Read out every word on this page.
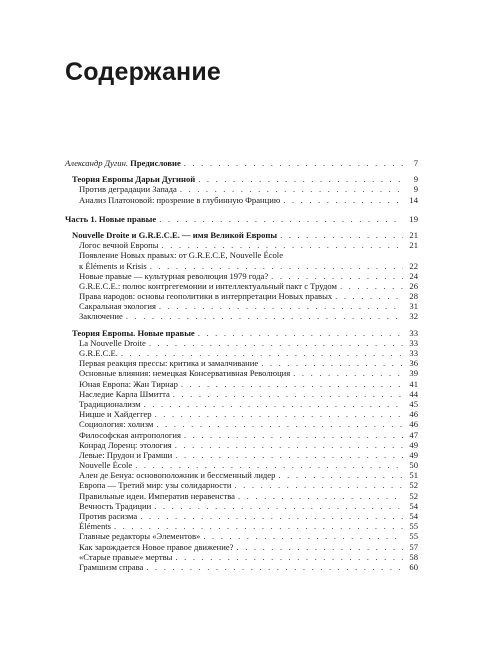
Содержание
Александр Дугин. Предисловие . . .	7
Теория Европы Дарьи Дугиной . . .	9
Против деградации Запада . . .	9
Анализ Платоновой: прозрение в глубинную Францию . . .	14
Часть 1. Новые правые . . .	19
Nouvelle Droite и G.R.E.C.E. — имя Великой Европы . . .	21
Логос вечной Европы . . .	21
Появление Новых правых: от G.R.E.C.E, Nouvelle École
к Éléments и Krisis . . .	22
Новые правые — культурная революция 1979 года? . . .	24
G.R.E.C.E.: полюс контргегемонии и интеллектуальный пакт с Трудом . . .	26
Права народов: основы геополитики в интерпретации Новых правых . . .	28
Сакральная экология . . .	31
Заключение . . .	32
Теория Европы. Новые правые . . .	33
La Nouvelle Droite . . .	33
G.R.E.C.E. . . .	33
Первая реакция прессы: критика и замалчивание . . .	36
Основные влияния: немецкая Консервативная Революция . . .	39
Юная Европа: Жан Тирнар . . .	41
Наследие Карла Шмитта . . .	44
Традиционализм . . .	45
Ницше и Хайдеггер . . .	46
Социология: холизм . . .	46
Философская антропология . . .	47
Конрад Лоренц: этология . . .	49
Левые: Прудон и Грамши . . .	49
Nouvelle École . . .	50
Ален де Бенуа: основоположник и бессменный лидер . . .	51
Европа — Третий мир: узы солидарности . . .	52
Правильные идеи. Императив неравенства . . .	52
Вечность Традиции . . .	54
Против расизма . . .	54
Éléments . . .	55
Главные редакторы «Элементов» . . .	55
Как зарождается Новое правое движение? . . .	57
«Старые правые» мертвы . . .	58
Грамшизм справа . . .	60
